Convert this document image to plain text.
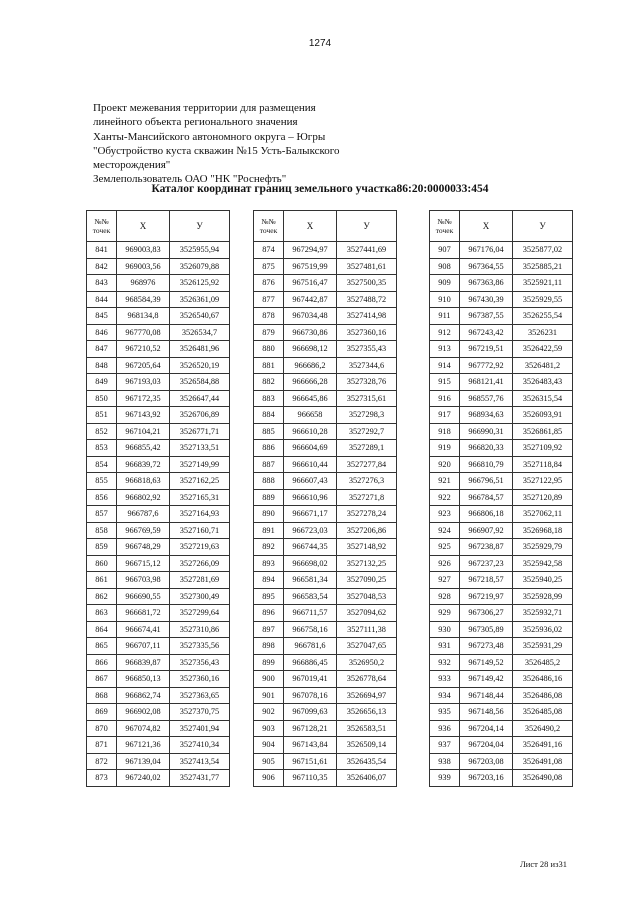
1274
Проект межевания территории для размещения
линейного объекта регионального значения
Ханты-Мансийского автономного округа – Югры
"Обустройство куста скважин №15 Усть-Балыкского
месторождения"
Землепользователь ОАО "НК "Роснефть"
Каталог координат границ земельного участка86:20:0000033:454
№№
точек	X	У
841	969003,83	3525955,94
842	969003,56	3526079,88
843	968976	3526125,92
844	968584,39	3526361,09
845	968134,8	3526540,67
846	967770,08	3526534,7
847	967210,52	3526481,96
848	967205,64	3526520,19
849	967193,03	3526584,88
850	967172,35	3526647,44
851	967143,92	3526706,89
852	967104,21	3526771,71
853	966855,42	3527133,51
854	966839,72	3527149,99
855	966818,63	3527162,25
856	966802,92	3527165,31
857	966787,6	3527164,93
858	966769,59	3527160,71
859	966748,29	3527219,63
860	966715,12	3527266,09
861	966703,98	3527281,69
862	966690,55	3527300,49
863	966681,72	3527299,64
864	966674,41	3527310,86
865	966707,11	3527335,56
866	966839,87	3527356,43
867	966850,13	3527360,16
868	966862,74	3527363,65
869	966902,08	3527370,75
870	967074,82	3527401,94
871	967121,36	3527410,34
872	967139,04	3527413,54
873	967240,02	3527431,77
№№
точек	X	У
874	967294,97	3527441,69
875	967519,99	3527481,61
876	967516,47	3527500,35
877	967442,87	3527488,72
878	967034,48	3527414,98
879	966730,86	3527360,16
880	966698,12	3527355,43
881	966686,2	3527344,6
882	966666,28	3527328,76
883	966645,86	3527315,61
884	966658	3527298,3
885	966610,28	3527292,7
886	966604,69	3527289,1
887	966610,44	3527277,84
888	966607,43	3527276,3
889	966610,96	3527271,8
890	966671,17	3527278,24
891	966723,03	3527206,86
892	966744,35	3527148,92
893	966698,02	3527132,25
894	966581,34	3527090,25
895	966583,54	3527048,53
896	966711,57	3527094,62
897	966758,16	3527111,38
898	966781,6	3527047,65
899	966886,45	3526950,2
900	967019,41	3526778,64
901	967078,16	3526694,97
902	967099,63	3526656,13
903	967128,21	3526583,51
904	967143,84	3526509,14
905	967151,61	3526435,54
906	967110,35	3526406,07
№№
точек	X	У
907	967176,04	3525877,02
908	967364,55	3525885,21
909	967363,86	3525921,11
910	967430,39	3525929,55
911	967387,55	3526255,54
912	967243,42	3526231
913	967219,51	3526422,59
914	967772,92	3526481,2
915	968121,41	3526483,43
916	968557,76	3526315,54
917	968934,63	3526093,91
918	966990,31	3526861,85
919	966820,33	3527109,92
920	966810,79	3527118,84
921	966796,51	3527122,95
922	966784,57	3527120,89
923	966806,18	3527062,11
924	966907,92	3526968,18
925	967238,87	3525929,79
926	967237,23	3525942,58
927	967218,57	3525940,25
928	967219,97	3525928,99
929	967306,27	3525932,71
930	967305,89	3525936,02
931	967273,48	3525931,29
932	967149,52	3526485,2
933	967149,42	3526486,16
934	967148,44	3526486,08
935	967148,56	3526485,08
936	967204,14	3526490,2
937	967204,04	3526491,16
938	967203,08	3526491,08
939	967203,16	3526490,08
Лист 28 из31
